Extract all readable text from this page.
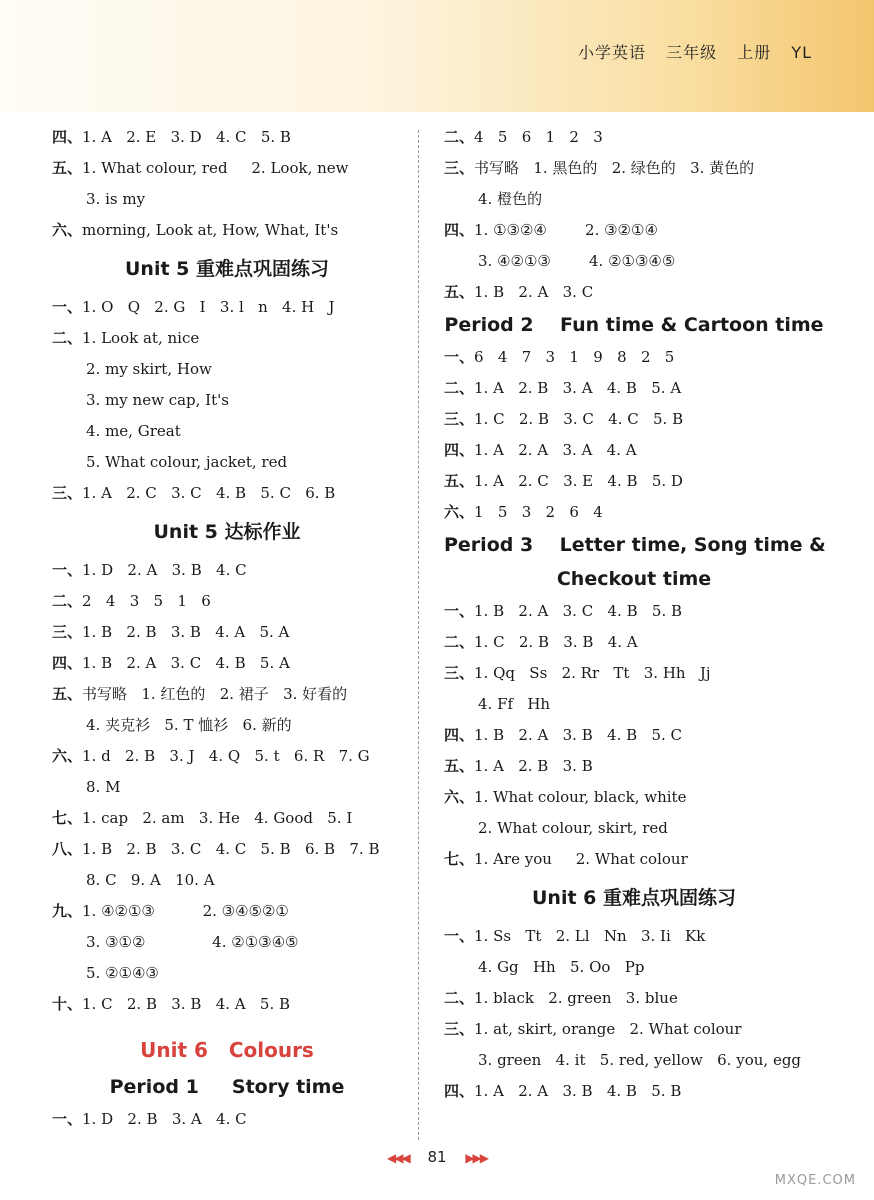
小学英语 三年级 上册 YL
四、1. A   2. E   3. D   4. C   5. B
五、1. What colour, red     2. Look, new
3. is my
六、morning, Look at, How, What, It's
Unit 5 重难点巩固练习
一、1. O   Q   2. G   I   3. l   n   4. H   J
二、1. Look at, nice
2. my skirt, How
3. my new cap, It's
4. me, Great
5. What colour, jacket, red
三、1. A   2. C   3. C   4. B   5. C   6. B
Unit 5 达标作业
一、1. D   2. A   3. B   4. C
二、2   4   3   5   1   6
三、1. B   2. B   3. B   4. A   5. A
四、1. B   2. A   3. C   4. B   5. A
五、书写略   1. 红色的   2. 裙子   3. 好看的
4. 夹克衫   5. T 恤衫   6. 新的
六、1. d   2. B   3. J   4. Q   5. t   6. R   7. G
8. M
七、1. cap   2. am   3. He   4. Good   5. I
八、1. B   2. B   3. C   4. C   5. B   6. B   7. B
8. C   9. A   10. A
九、1. ④②①③          2. ③④⑤②①
3. ③①②              4. ②①③④⑤
5. ②①④③
十、1. C   2. B   3. B   4. A   5. B
Unit 6   Colours
Period 1     Story time
一、1. D   2. B   3. A   4. C
二、4   5   6   1   2   3
三、书写略   1. 黑色的   2. 绿色的   3. 黄色的
4. 橙色的
四、1. ①③②④        2. ③②①④
3. ④②①③        4. ②①③④⑤
五、1. B   2. A   3. C
Period 2    Fun time & Cartoon time
一、6   4   7   3   1   9   8   2   5
二、1. A   2. B   3. A   4. B   5. A
三、1. C   2. B   3. C   4. C   5. B
四、1. A   2. A   3. A   4. A
五、1. A   2. C   3. E   4. B   5. D
六、1   5   3   2   6   4
Period 3    Letter time, Song time &
Checkout time
一、1. B   2. A   3. C   4. B   5. B
二、1. C   2. B   3. B   4. A
三、1. Qq   Ss   2. Rr   Tt   3. Hh   Jj
4. Ff   Hh
四、1. B   2. A   3. B   4. B   5. C
五、1. A   2. B   3. B
六、1. What colour, black, white
2. What colour, skirt, red
七、1. Are you     2. What colour
Unit 6 重难点巩固练习
一、1. Ss   Tt   2. Ll   Nn   3. Ii   Kk
4. Gg   Hh   5. Oo   Pp
二、1. black   2. green   3. blue
三、1. at, skirt, orange   2. What colour
3. green   4. it   5. red, yellow   6. you, egg
四、1. A   2. A   3. B   4. B   5. B
◀◀◀ 81 ▶▶▶
MXQE.COM
